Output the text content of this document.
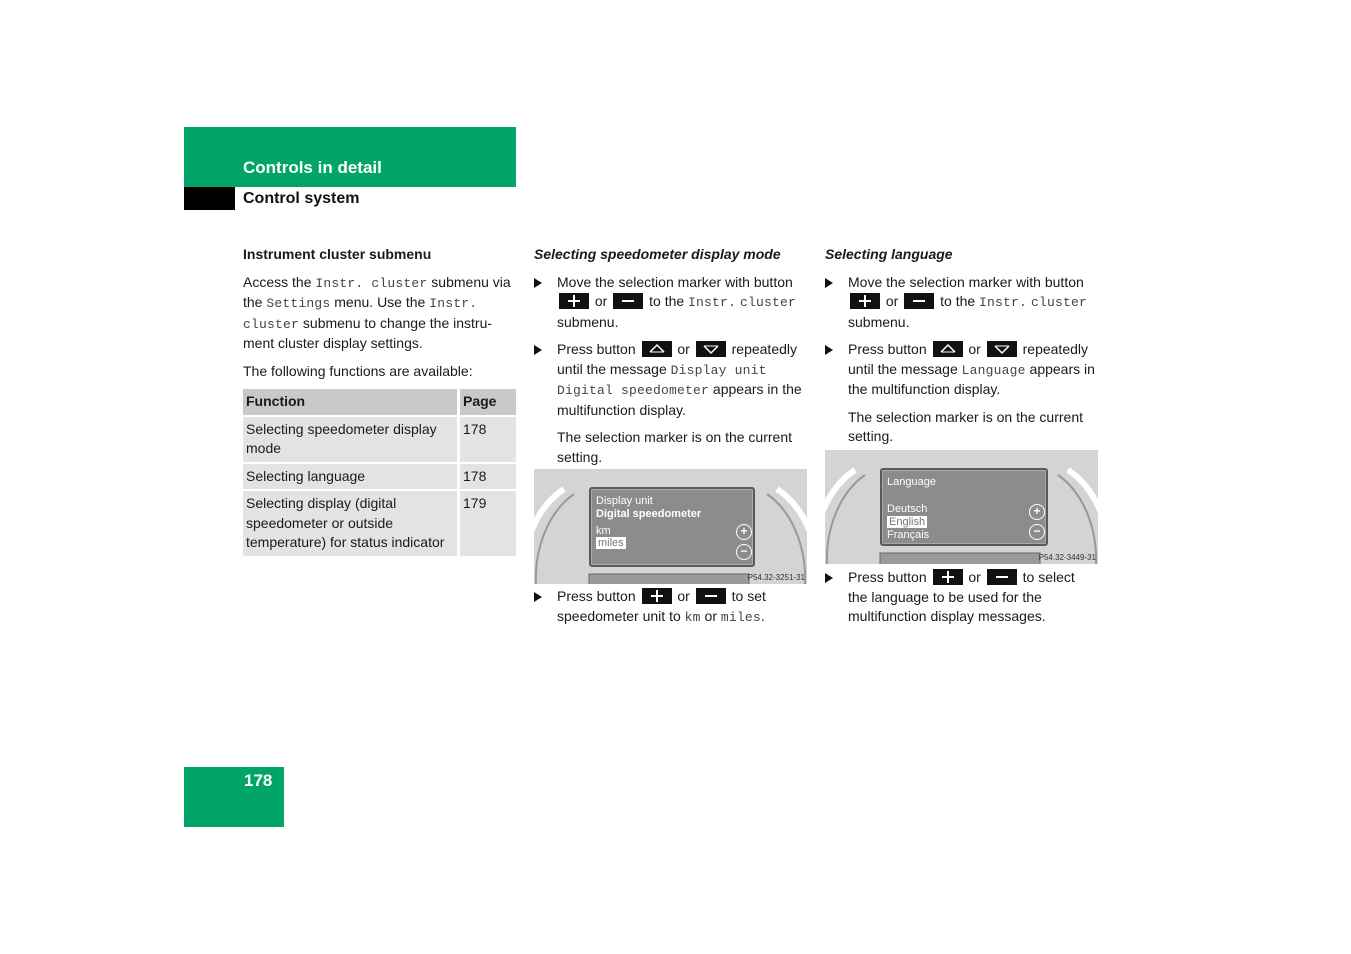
Controls in detail
Control system
Instrument cluster submenu

Access the Instr. cluster submenu via the Settings menu. Use the Instr. cluster submenu to change the instru-ment cluster display settings.

The following functions are available:

Function	Page
Selecting speedometer display mode	178
Selecting language	178
Selecting display (digital speedometer or outside temperature) for status indicator	179
Selecting speedometer display mode
Move the selection marker with button  or	to the Instr. cluster submenu.
Press button	or	repeatedly until the message Display unit Digital speedometer appears in the multifunction display.
The selection marker is on the current setting.
Display unit
Digital speedometer
km
miles
+
−
P54.32-3251-31
Press button	or	to set speedometer unit to km or miles.
Selecting language
Move the selection marker with button  or	to the Instr. cluster submenu.
Press button	or	repeatedly until the message Language appears in the multifunction display.
The selection marker is on the current setting.
Language
Deutsch
English
Français
+
−
P54.32-3449-31
Press button	or	to select the language to be used for the multifunction display messages.
178
